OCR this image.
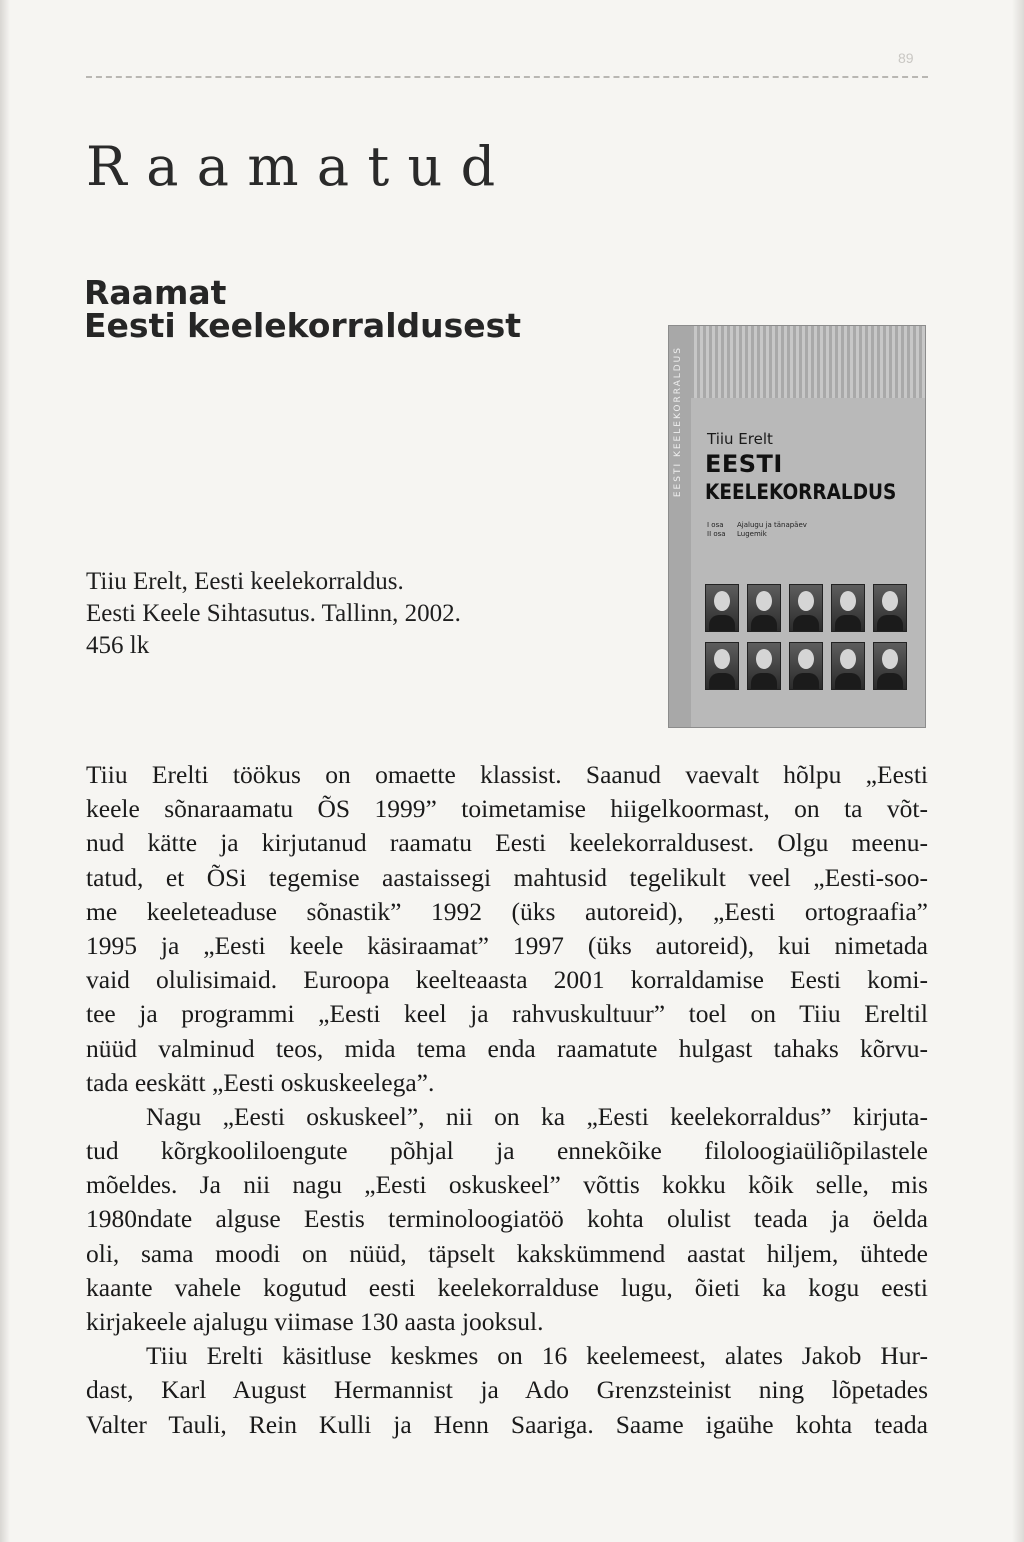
89
Raamatud
Raamat
Eesti keelekorraldusest
EESTI KEELEKORRALDUS Tiiu Erelt
EESTI
KEELEKORRALDUS
I osa Ajalugu ja tänapäev
II osa Lugemik
Tiiu Erelt, Eesti keelekorraldus.
Eesti Keele Sihtasutus. Tallinn, 2002.
456 lk
Tiiu Erelti töökus on omaette klassist. Saanud vaevalt hõlpu „Eesti
keele sõnaraamatu ÕS 1999” toimetamise hiigelkoormast, on ta võt-
nud kätte ja kirjutanud raamatu Eesti keelekorraldusest. Olgu meenu-
tatud, et ÕSi tegemise aastaissegi mahtusid tegelikult veel „Eesti-soo-
me keeleteaduse sõnastik” 1992 (üks autoreid), „Eesti ortograafia”
1995 ja „Eesti keele käsiraamat” 1997 (üks autoreid), kui nimetada
vaid olulisimaid. Euroopa keelteaasta 2001 korraldamise Eesti komi-
tee ja programmi „Eesti keel ja rahvuskultuur” toel on Tiiu Ereltil
nüüd valminud teos, mida tema enda raamatute hulgast tahaks kõrvu-
tada eeskätt „Eesti oskuskeelega”.
Nagu „Eesti oskuskeel”, nii on ka „Eesti keelekorraldus” kirjuta-
tud kõrgkooliloengute põhjal ja ennekõike filoloogiaüliõpilastele
mõeldes. Ja nii nagu „Eesti oskuskeel” võttis kokku kõik selle, mis
1980ndate alguse Eestis terminoloogiatöö kohta olulist teada ja öelda
oli, sama moodi on nüüd, täpselt kakskümmend aastat hiljem, ühtede
kaante vahele kogutud eesti keelekorralduse lugu, õieti ka kogu eesti
kirjakeele ajalugu viimase 130 aasta jooksul.
Tiiu Erelti käsitluse keskmes on 16 keelemeest, alates Jakob Hur-
dast, Karl August Hermannist ja Ado Grenzsteinist ning lõpetades
Valter Tauli, Rein Kulli ja Henn Saariga. Saame igaühe kohta teada
